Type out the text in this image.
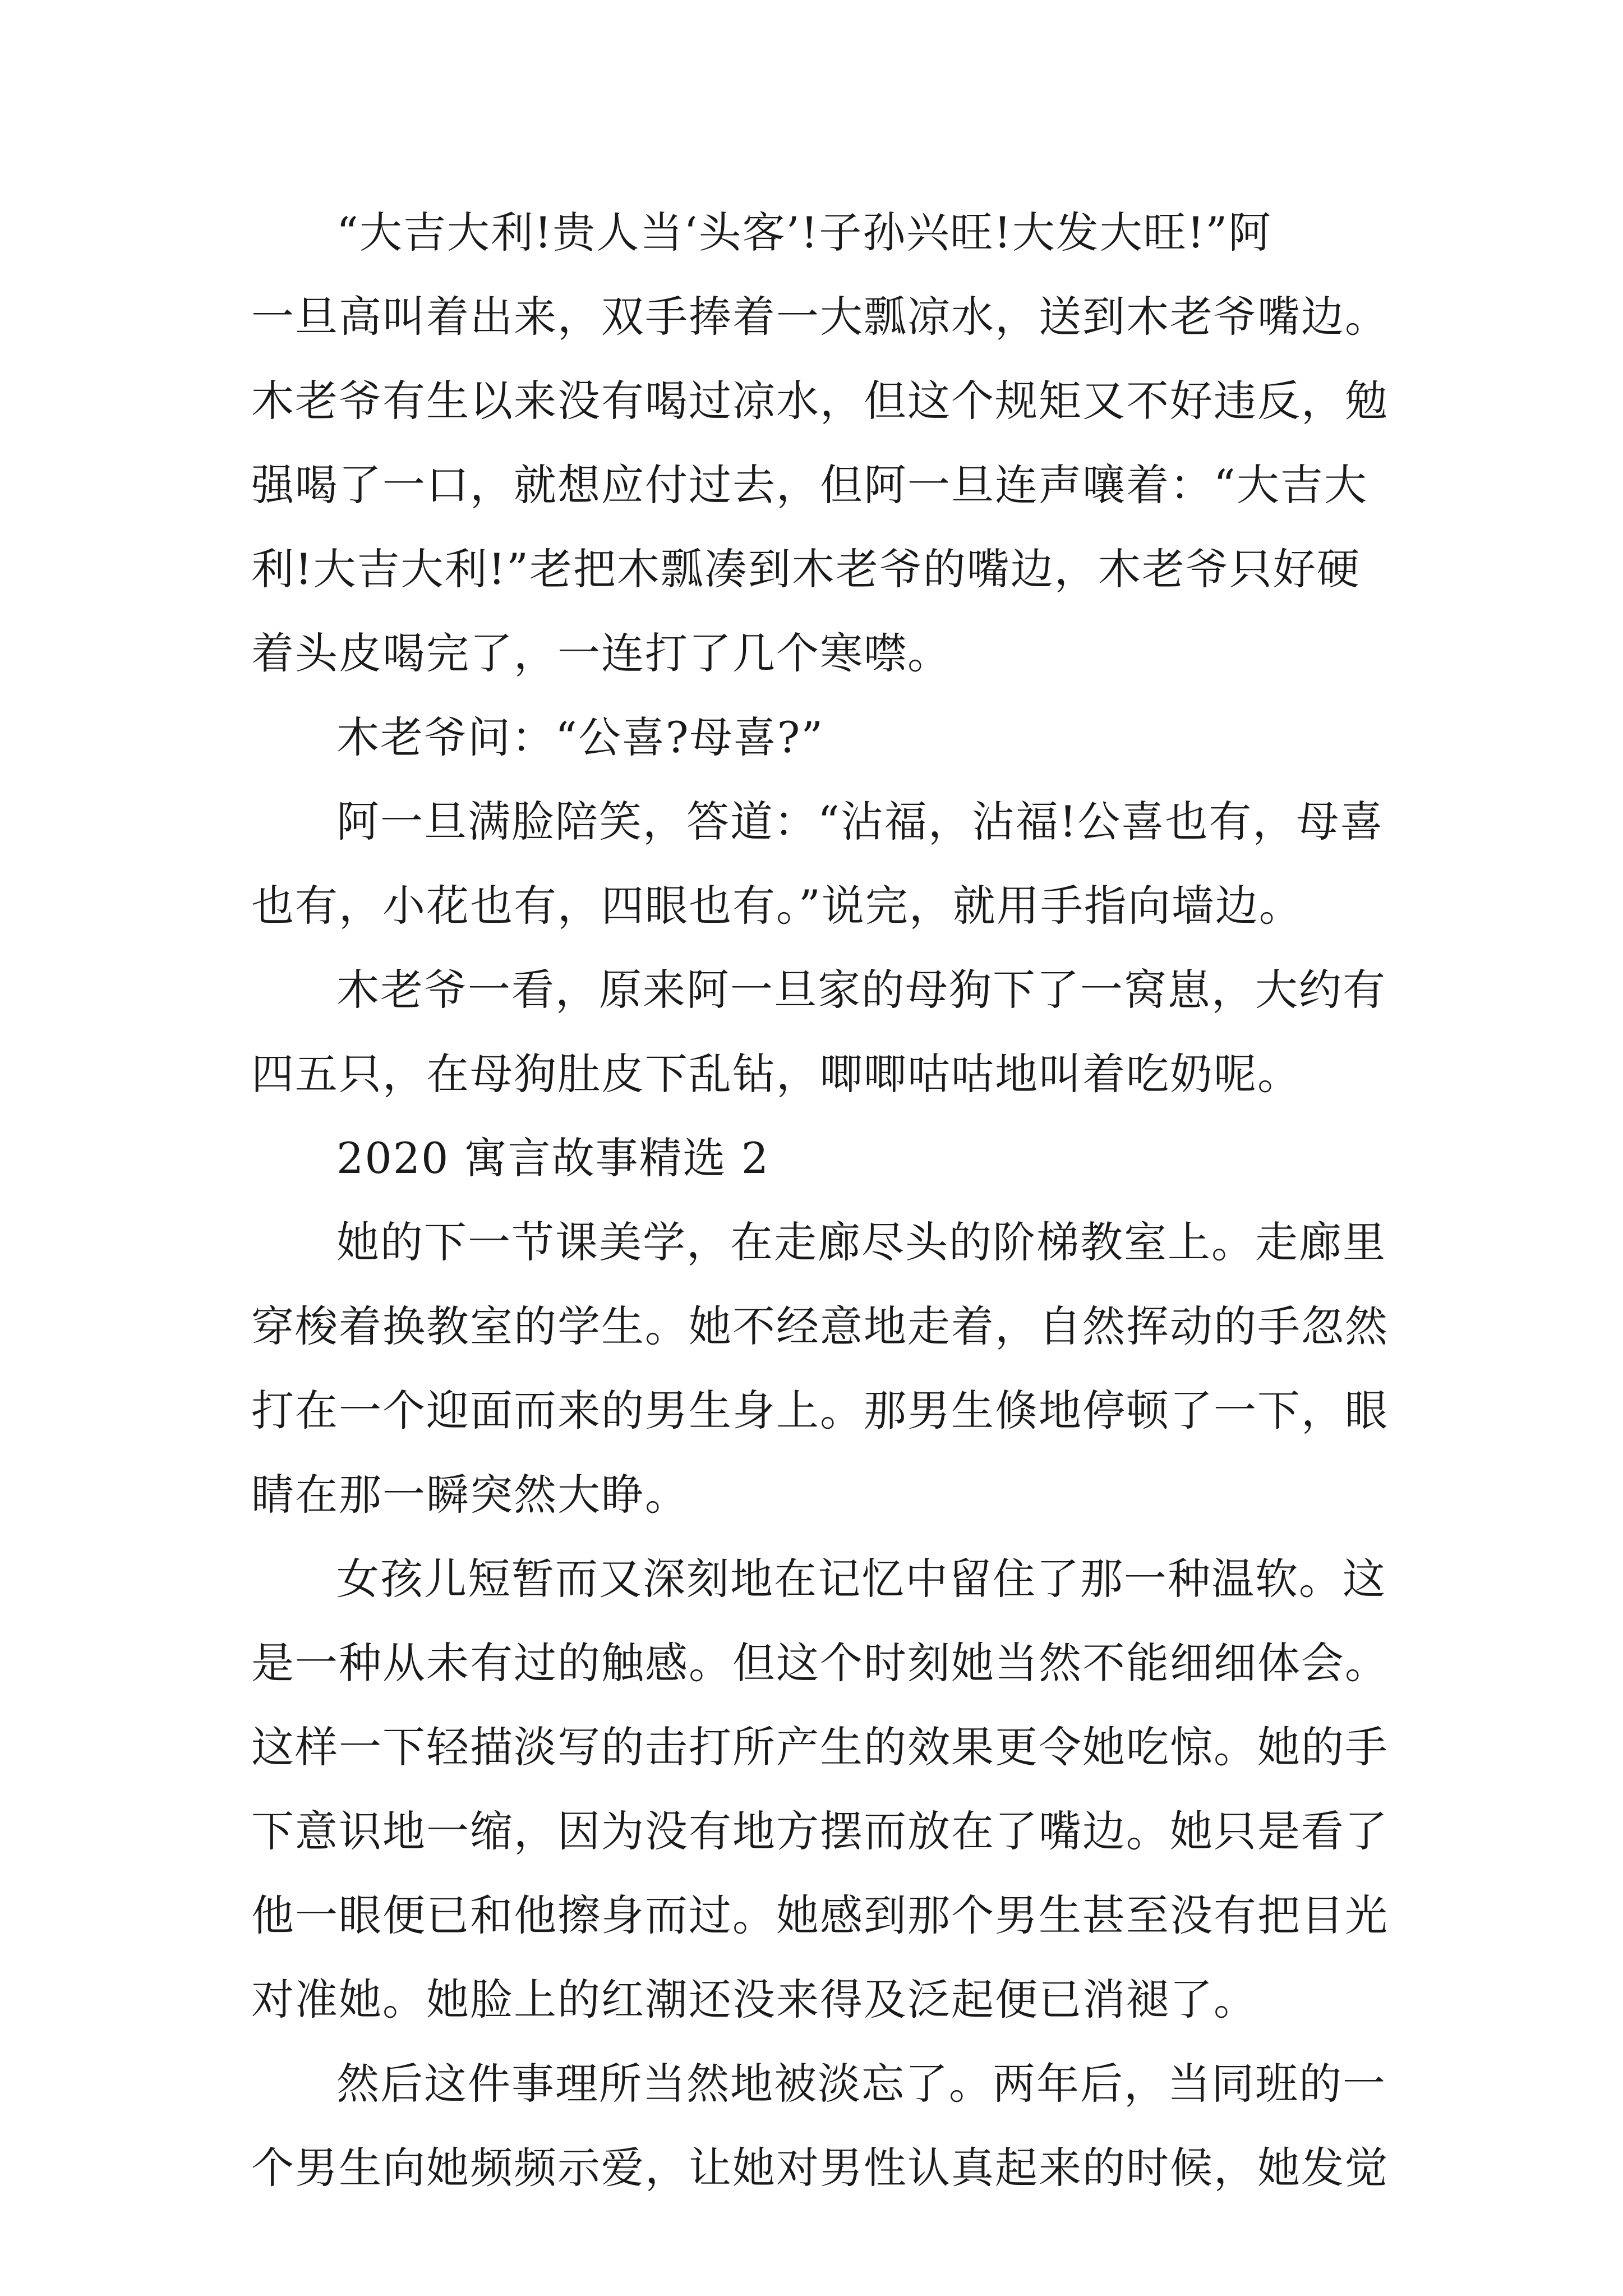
“大吉大利!贵人当‘头客’!子孙兴旺!大发大旺!”阿
一旦高叫着出来，双手捧着一大瓢凉水，送到木老爷嘴边。
木老爷有生以来没有喝过凉水，但这个规矩又不好违反，勉
强喝了一口，就想应付过去，但阿一旦连声嚷着：“大吉大
利!大吉大利!”老把木瓢凑到木老爷的嘴边，木老爷只好硬
着头皮喝完了，一连打了几个寒噤。
木老爷问：“公喜?母喜?”
阿一旦满脸陪笑，答道：“沾福，沾福!公喜也有，母喜
也有，小花也有，四眼也有。”说完，就用手指向墙边。
木老爷一看，原来阿一旦家的母狗下了一窝崽，大约有
四五只，在母狗肚皮下乱钻，唧唧咕咕地叫着吃奶呢。
2020 寓言故事精选 2
她的下一节课美学，在走廊尽头的阶梯教室上。走廊里
穿梭着换教室的学生。她不经意地走着，自然挥动的手忽然
打在一个迎面而来的男生身上。那男生倏地停顿了一下，眼
睛在那一瞬突然大睁。
女孩儿短暂而又深刻地在记忆中留住了那一种温软。这
是一种从未有过的触感。但这个时刻她当然不能细细体会。
这样一下轻描淡写的击打所产生的效果更令她吃惊。她的手
下意识地一缩，因为没有地方摆而放在了嘴边。她只是看了
他一眼便已和他擦身而过。她感到那个男生甚至没有把目光
对准她。她脸上的红潮还没来得及泛起便已消褪了。
然后这件事理所当然地被淡忘了。两年后，当同班的一
个男生向她频频示爱，让她对男性认真起来的时候，她发觉
